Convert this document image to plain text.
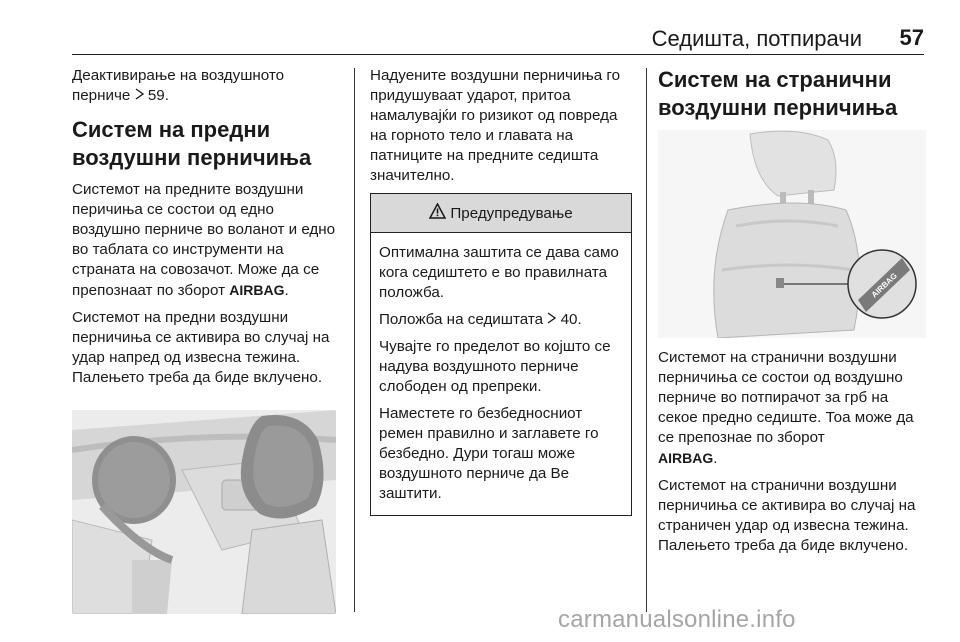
Седишта, потпирачи 57

Деактивирање на воздушното перниче 59.

Систем на предни воздушни перничиња

Системот на предните воздушни перичиња се состои од едно воздушно перниче во воланот и едно во таблата со инструменти на страната на совозачот. Може да се препознаат по зборот AIRBAG.

Системот на предни воздушни перничиња се активира во случај на удар напред од извесна тежина. Палењето треба да биде вклучено.

Надуените воздушни перничиња го придушуваат ударот, притоа намалувајќи го ризикот од повреда на горното тело и главата на патниците на предните седишта значително.

Предупредување

Оптимална заштита се дава само кога седиштето е во правилната положба.

Положба на седиштата 40.

Чувајте го пределот во којшто се надува воздушното перниче слободен од препреки.

Наместете го безбедносниот ремен правилно и заглавете го безбедно. Дури тогаш може воздушното перниче да Ве заштити.

Систем на странични воздушни перничиња
AIRBAG

Системот на странични воздушни перничиња се состои од воздушно перниче во потпирачот за грб на секое предно седиште. Тоа може да се препознае по зборот
AIRBAG.

Системот на странични воздушни перничиња се активира во случај на страничен удар од извесна тежина. Палењето треба да биде вклучено.

carmanualsonline.info
